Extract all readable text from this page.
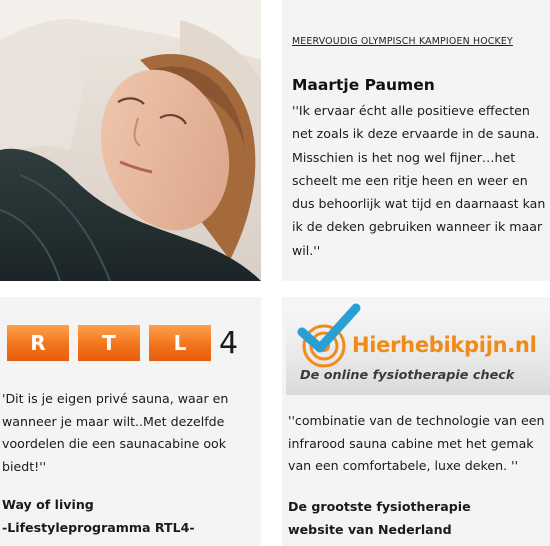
MEERVOUDIG OLYMPISCH KAMPIOEN HOCKEY
Maartje Paumen
''Ik ervaar écht alle positieve effecten net zoals ik deze ervaarde in de sauna. Misschien is het nog wel fijner…het scheelt me een ritje heen en weer en dus behoorlijk wat tijd en daarnaast kan ik de deken gebruiken wanneer ik maar wil.''
R	T	L	4
'Dit is je eigen privé sauna, waar en wanneer je maar wilt..Met dezelfde voordelen die een saunacabine ook biedt!''
Way of living
-Lifestyleprogramma RTL4-
Hierhebikpijn.nl
De online fysiotherapie check
''combinatie van de technologie van een infrarood sauna cabine met het gemak van een comfortabele, luxe deken. ''
De grootste fysiotherapie
website van Nederland
